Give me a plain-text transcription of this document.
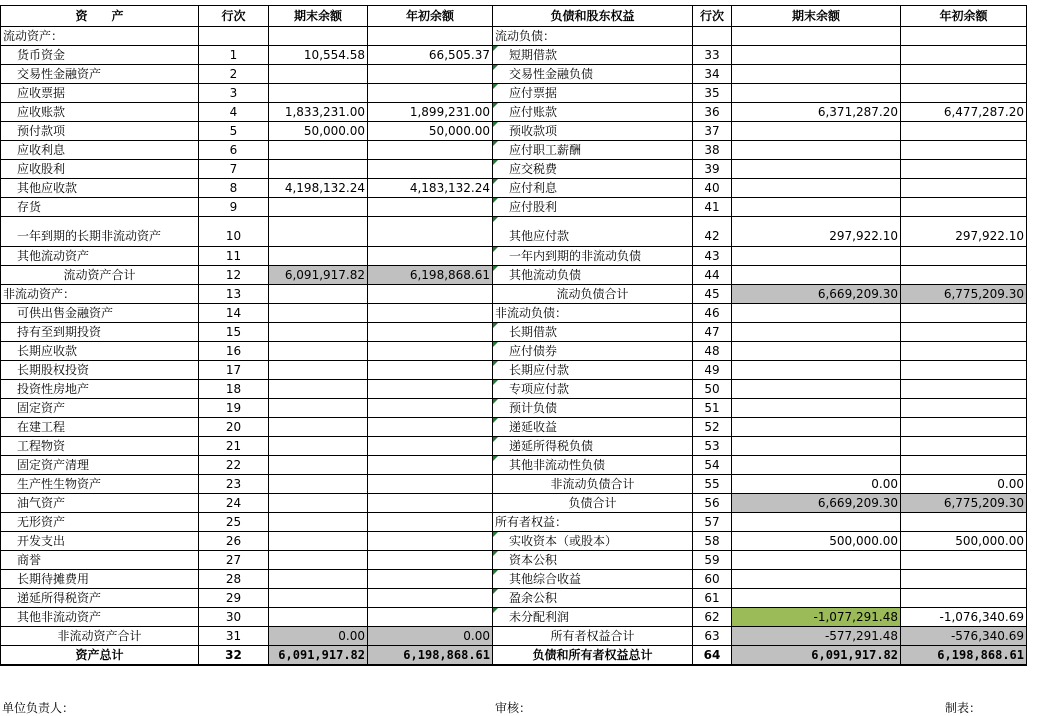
资　　产	行次	期末余额	年初余额	负债和股东权益	行次	期末余额	年初余额
流动资产：				流动负债：			
货币资金	1	10,554.58	66,505.37	短期借款	33		
交易性金融资产	2			交易性金融负债	34		
应收票据	3			应付票据	35		
应收账款	4	1,833,231.00	1,899,231.00	应付账款	36	6,371,287.20	6,477,287.20
预付款项	5	50,000.00	50,000.00	预收款项	37		
应收利息	6			应付职工薪酬	38		
应收股利	7			应交税费	39		
其他应收款	8	4,198,132.24	4,183,132.24	应付利息	40		
存货	9			应付股利	41		
一年到期的长期非流动资产	10			其他应付款	42	297,922.10	297,922.10
其他流动资产	11			一年内到期的非流动负债	43		
流动资产合计	12	6,091,917.82	6,198,868.61	其他流动负债	44		
非流动资产：	13			流动负债合计	45	6,669,209.30	6,775,209.30
可供出售金融资产	14			非流动负债：	46		
持有至到期投资	15			长期借款	47		
长期应收款	16			应付债券	48		
长期股权投资	17			长期应付款	49		
投资性房地产	18			专项应付款	50		
固定资产	19			预计负债	51		
在建工程	20			递延收益	52		
工程物资	21			递延所得税负债	53		
固定资产清理	22			其他非流动性负债	54		
生产性生物资产	23			非流动负债合计	55	0.00	0.00
油气资产	24			负债合计	56	6,669,209.30	6,775,209.30
无形资产	25			所有者权益：	57		
开发支出	26			实收资本（或股本）	58	500,000.00	500,000.00
商誉	27			资本公积	59		
长期待摊费用	28			其他综合收益	60		
递延所得税资产	29			盈余公积	61		
其他非流动资产	30			未分配利润	62	-1,077,291.48	-1,076,340.69
非流动资产合计	31	0.00	0.00	所有者权益合计	63	-577,291.48	-576,340.69
资产总计	32	6,091,917.82	6,198,868.61	负债和所有者权益总计	64	6,091,917.82	6,198,868.61
单位负责人：	审核：	制表：
